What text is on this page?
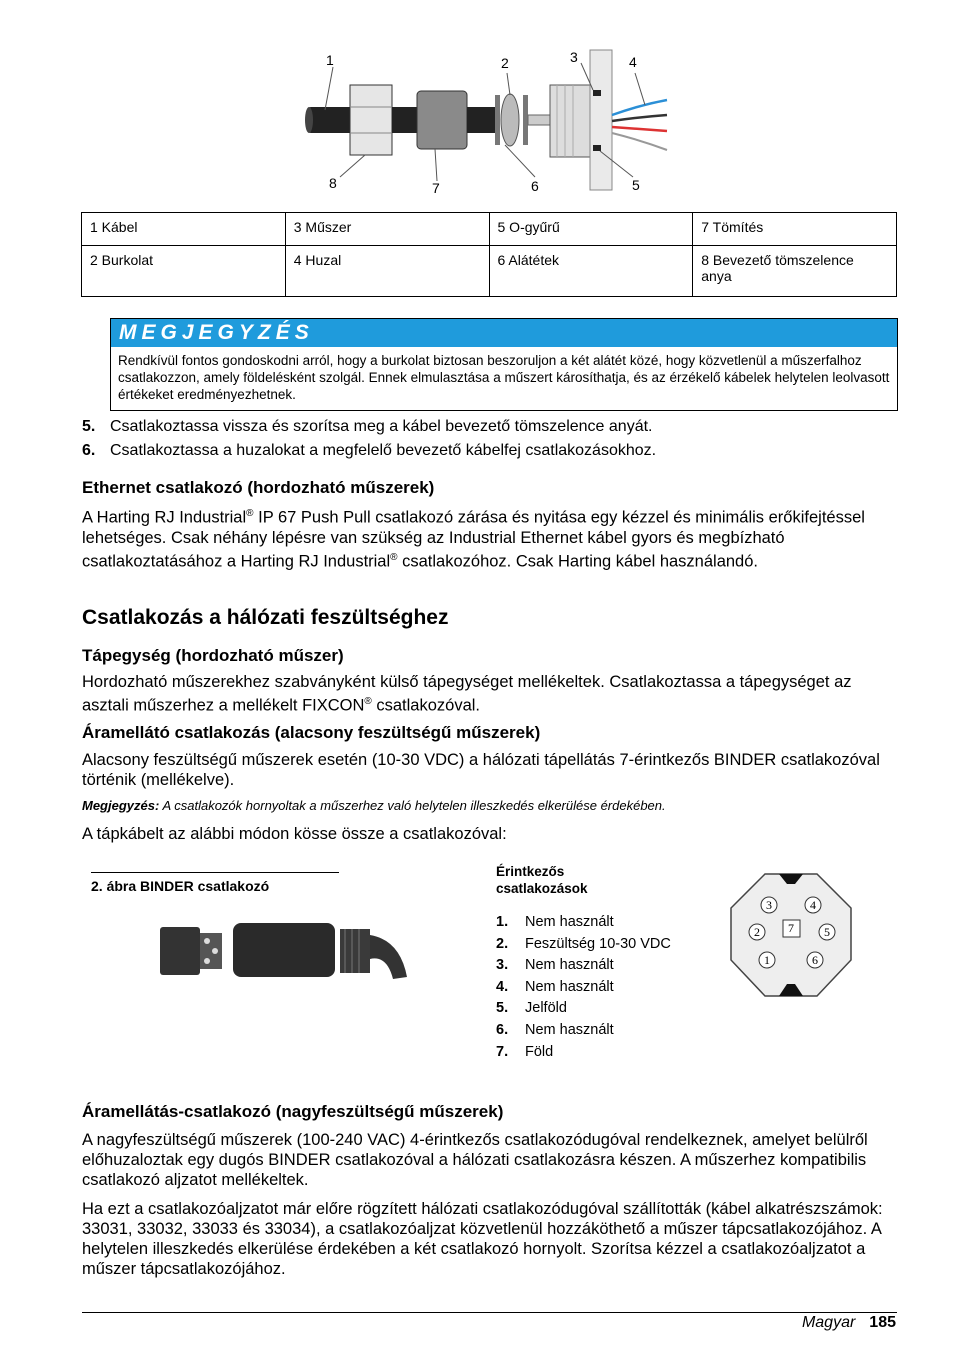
1	2	3	4
5
6
7
8
1 Kábel	3 Műszer	5 O-gyűrű	7 Tömítés
2 Burkolat	4 Huzal	6 Alátétek	8 Bevezető tömszelence anya
MEGJEGYZÉS
Rendkívül fontos gondoskodni arról, hogy a burkolat biztosan beszoruljon a két alátét közé, hogy közvetlenül a műszerfalhoz csatlakozzon, amely földelésként szolgál. Ennek elmulasztása a műszert károsíthatja, és az érzékelő kábelek helytelen leolvasott értékeket eredményezhetnek.
5. Csatlakoztassa vissza és szorítsa meg a kábel bevezető tömszelence anyát.
6. Csatlakoztassa a huzalokat a megfelelő bevezető kábelfej csatlakozásokhoz.
Ethernet csatlakozó (hordozható műszerek)
A Harting RJ Industrial® IP 67 Push Pull csatlakozó zárása és nyitása egy kézzel és minimális erőkifejtéssel lehetséges. Csak néhány lépésre van szükség az Industrial Ethernet kábel gyors és megbízható csatlakoztatásához a Harting RJ Industrial® csatlakozóhoz. Csak Harting kábel használandó.
Csatlakozás a hálózati feszültséghez
Tápegység (hordozható műszer)
Hordozható műszerekhez szabványként külső tápegységet mellékeltek. Csatlakoztassa a tápegységet az asztali műszerhez a mellékelt FIXCON® csatlakozóval.
Áramellátó csatlakozás (alacsony feszültségű műszerek)
Alacsony feszültségű műszerek esetén (10-30 VDC) a hálózati tápellátás 7-érintkezős BINDER csatlakozóval történik (mellékelve).
Megjegyzés: A csatlakozók hornyoltak a műszerhez való helytelen illeszkedés elkerülése érdekében.
A tápkábelt az alábbi módon kösse össze a csatlakozóval:
2. ábra BINDER csatlakozó
Érintkezős csatlakozások
1. Nem használt
2. Feszültség 10-30 VDC
3. Nem használt
4. Nem használt
5. Jelföld
6. Nem használt
7. Föld
3	4
2 7	5
1	6
Áramellátás-csatlakozó (nagyfeszültségű műszerek)
A nagyfeszültségű műszerek (100-240 VAC) 4-érintkezős csatlakozódugóval rendelkeznek, amelyet belülről előhuzaloztak egy dugós BINDER csatlakozóval a hálózati csatlakozásra készen. A műszerhez kompatibilis csatlakozó aljzatot mellékeltek.
Ha ezt a csatlakozóaljzatot már előre rögzített hálózati csatlakozódugóval szállították (kábel alkatrészszámok: 33031, 33032, 33033 és 33034), a csatlakozóaljzat közvetlenül hozzáköthető a műszer tápcsatlakozójához. A helytelen illeszkedés elkerülése érdekében a két csatlakozó hornyolt. Szorítsa kézzel a csatlakozóaljzatot a műszer tápcsatlakozójához.
Magyar 185
